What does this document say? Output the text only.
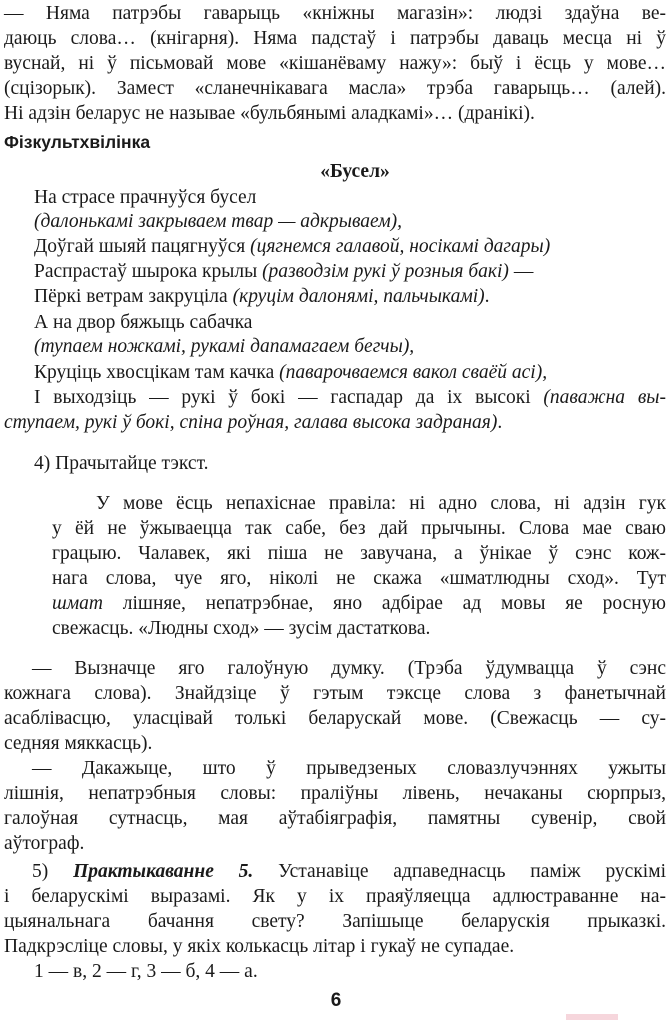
— Няма патрэбы гаварыць «кніжны магазін»: людзі здаўна ве-
даюць слова… (кнігарня). Няма падстаў і патрэбы даваць месца ні ў
вуснай, ні ў пісьмовай мове «кішанёваму нажу»: быў і ёсць у мове…
(сцізорык). Замест «сланечнікавага масла» трэба гаварыць… (алей).
Ні адзін беларус не называе «бульбянымі аладкамі»… (дранікі).
Фізкультхвілінка
«Бусел»
На страсе прачнуўся бусел
(далонькамі закрываем твар — адкрываем),
Доўгай шыяй пацягнуўся (цягнемся галавой, носікамі дагары)
Распрастаў шырока крылы (разводзім рукі ў розныя бакі) —
Пёркі ветрам закруціла (круцім далонямі, пальчыкамі).
А на двор бяжыць сабачка
(тупаем ножкамі, рукамі дапамагаем бегчы),
Круціць хвосцікам там качка (паварочваемся вакол сваёй асі),
І выходзіць — рукі ў бокі — гаспадар да іх высокі (паважна вы-
ступаем, рукі ў бокі, спіна роўная, галава высока задраная).
4) Прачытайце тэкст.
У мове ёсць непахіснае правіла: ні адно слова, ні адзін гук
у ёй не ўжываецца так сабе, без дай прычыны. Слова мае сваю
грацыю. Чалавек, які піша не завучана, а ўнікае ў сэнс кож-
нага слова, чуе яго, ніколі не скажа «шматлюдны сход». Тут
шмат лішняе, непатрэбнае, яно адбірае ад мовы яе росную
свежасць. «Людны сход» — зусім дастаткова.
— Вызначце яго галоўную думку. (Трэба ўдумвацца ў сэнс
кожнага слова). Знайдзіце ў гэтым тэксце слова з фанетычнай
асаблівасцю, уласцівай толькі беларускай мове. (Свежасць — су-
седняя мяккасць).
— Дакажыце, што ў прыведзеных словазлучэннях ужыты
лішнія, непатрэбныя словы: праліўны лівень, нечаканы сюрпрыз,
галоўная сутнасць, мая аўтабіяграфія, памятны сувенір, свой
аўтограф.
5) Практыкаванне 5. Устанавіце адпаведнасць паміж рускімі
і беларускімі выразамі. Як у іх праяўляецца адлюстраванне на-
цыянальнага бачання свету? Запішыце беларускія прыказкі.
Падкрэсліце словы, у якіх колькасць літар і гукаў не супадае.
1 — в, 2 — г, 3 — б, 4 — а.
6
